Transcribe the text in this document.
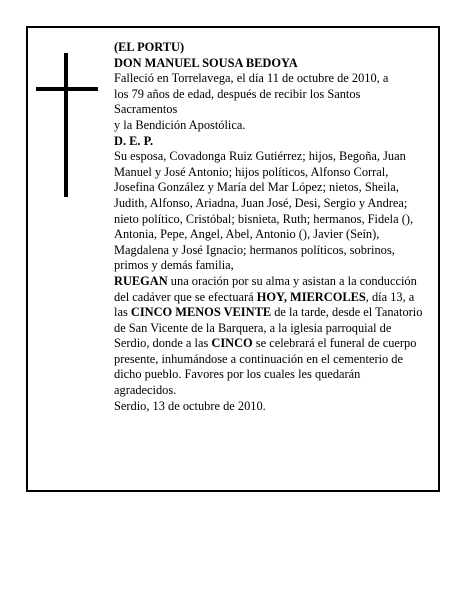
(EL PORTU)

DON MANUEL SOUSA BEDOYA

Falleció en Torrelavega, el día 11 de octubre de 2010, a

los 79 años de edad, después de recibir los Santos

Sacramentos

y la Bendición Apostólica.

D. E. P.

Su esposa, Covadonga Ruiz Gutiérrez; hijos, Begoña, Juan Manuel y José Antonio; hijos políticos, Alfonso Corral, Josefina González y María del Mar López; nietos, Sheila, Judith, Alfonso, Ariadna, Juan José, Desi, Sergio y Andrea; nieto político, Cristóbal; bisnieta, Ruth; hermanos, Fidela (), Antonia, Pepe, Angel, Abel, Antonio (), Javier (Seín), Magdalena y José Ignacio; hermanos políticos, sobrinos, primos y demás familia,

RUEGAN una oración por su alma y asistan a la conducción del cadáver que se efectuará HOY, MIERCOLES, día 13, a las CINCO MENOS VEINTE de la tarde, desde el Tanatorio de San Vicente de la Barquera, a la iglesia parroquial de Serdio, donde a las CINCO se celebrará el funeral de cuerpo presente, inhumándose a continuación en el cementerio de dicho pueblo. Favores por los cuales les quedarán agradecidos.

Serdio, 13 de octubre de 2010.
